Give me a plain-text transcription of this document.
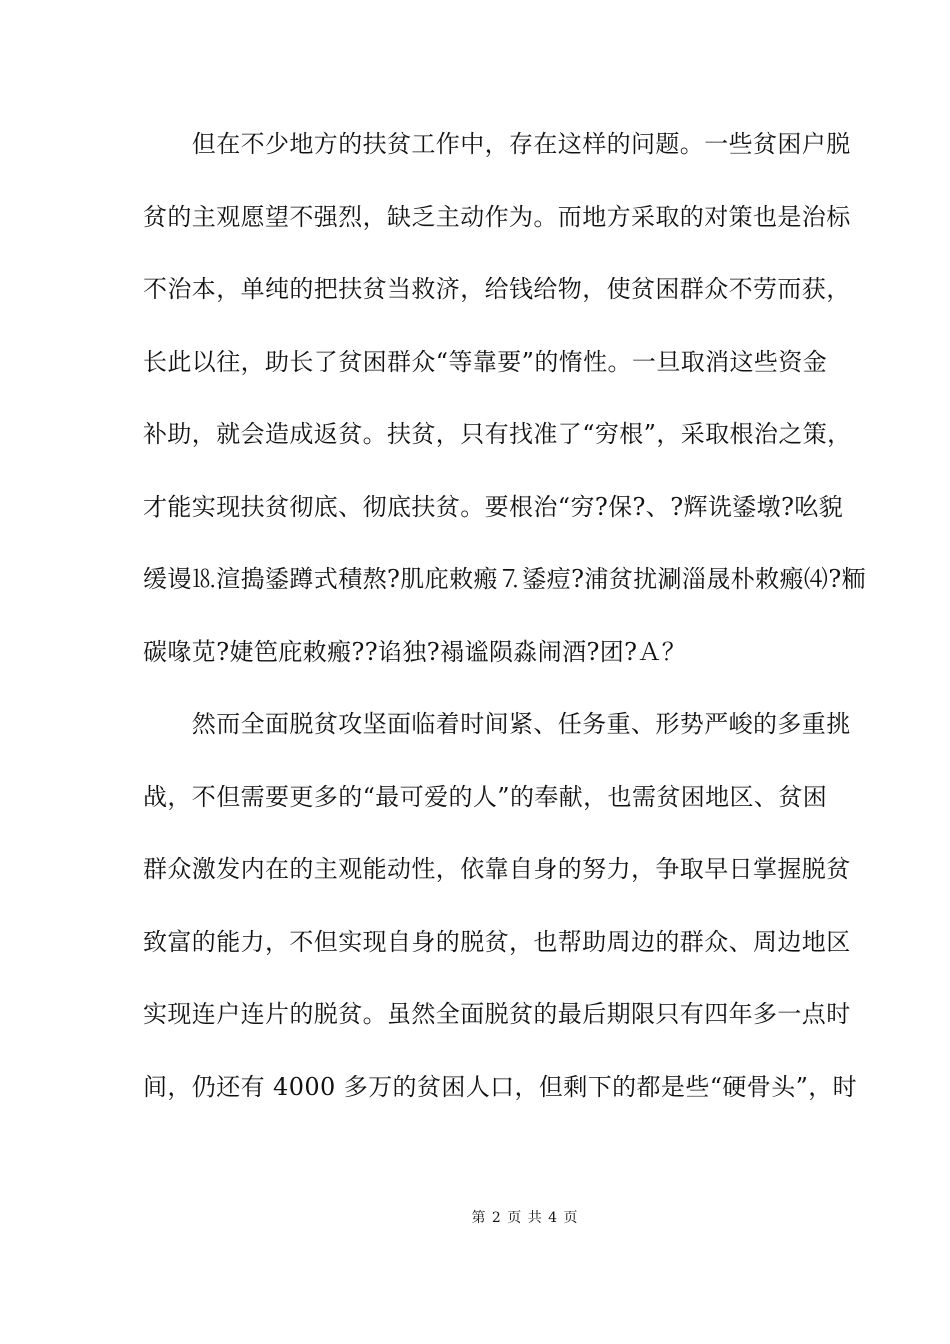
　　但在不少地方的扶贫工作中，存在这样的问题。一些贫困户脱
贫的主观愿望不强烈，缺乏主动作为。而地方采取的对策也是治标
不治本，单纯的把扶贫当救济，给钱给物，使贫困群众不劳而获，
长此以往，助长了贫困群众“等靠要”的惰性。一旦取消这些资金
补助，就会造成返贫。扶贫，只有找准了“穷根”，采取根治之策，
才能实现扶贫彻底、彻底扶贫。要根治“穷?保?、?辉诜鋈墩?吆貌
缓谩⒙渲搗鋈蹲式積熬?肌庇敕瘢⒎鋈痘?浦贫扰涮淄晟朴敕瘢⑷?粫
碳喙苋?婕笆庇敕瘢??谄独?褟谧陨淼闹酒?团?Ａ？
　　然而全面脱贫攻坚面临着时间紧、任务重、形势严峻的多重挑
战，不但需要更多的“最可爱的人”的奉献，也需贫困地区、贫困
群众激发内在的主观能动性，依靠自身的努力，争取早日掌握脱贫
致富的能力，不但实现自身的脱贫，也帮助周边的群众、周边地区
实现连户连片的脱贫。虽然全面脱贫的最后期限只有四年多一点时
间，仍还有 4000 多万的贫困人口，但剩下的都是些“硬骨头”，时
第 2 页 共 4 页
